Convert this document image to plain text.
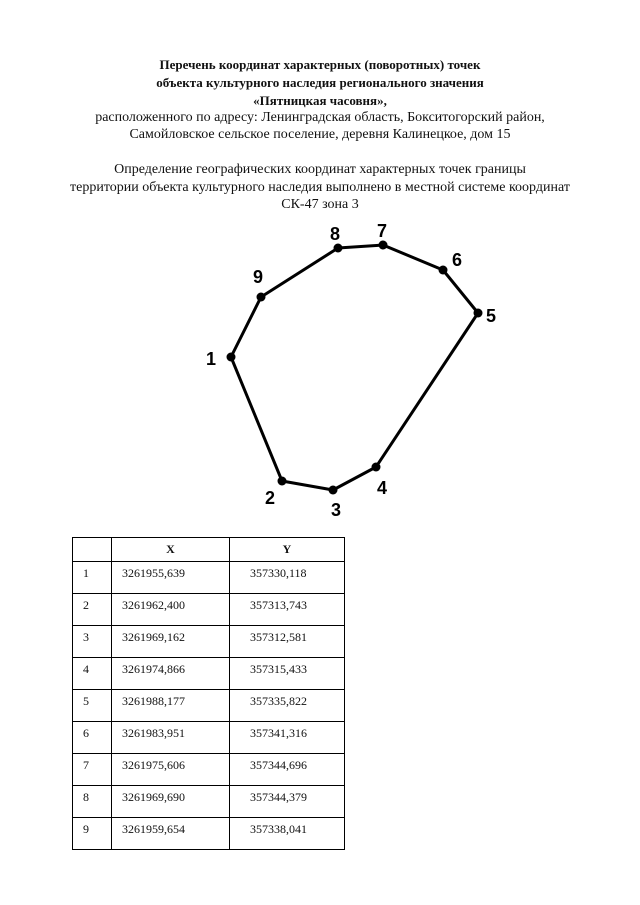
Перечень координат характерных (поворотных) точек
объекта культурного наследия регионального значения
«Пятницкая часовня»,
расположенного по адресу: Ленинградская область, Бокситогорский район,
Самойловское сельское поселение, деревня Калинецкое, дом 15
Определение географических координат характерных точек границы
территории объекта культурного наследия выполнено в местной системе координат
СК-47 зона 3
1
2
3
4
5
6
7
8
9
	X	Y
1	3261955,639	357330,118
2	3261962,400	357313,743
3	3261969,162	357312,581
4	3261974,866	357315,433
5	3261988,177	357335,822
6	3261983,951	357341,316
7	3261975,606	357344,696
8	3261969,690	357344,379
9	3261959,654	357338,041
